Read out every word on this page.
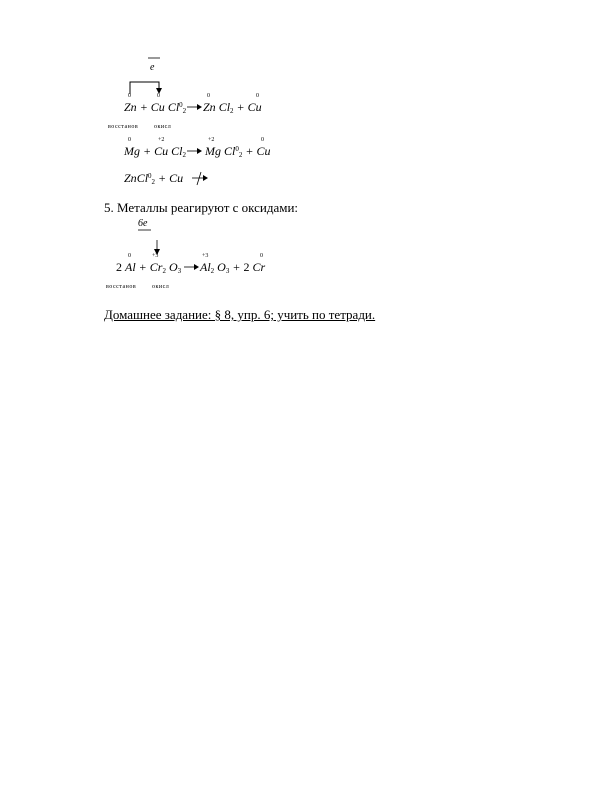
e
0
Zn +
0
Cu $Cl^0_2$
0
Zn $Cl_2$ +
0
Cu
восстанов	окисл
0
Mg +
+2
Cu $Cl_2$
+2
Mg $Cl^0_2$ +
0
Cu
ZnCl$^0_2$ + Cu
5. Металлы реагируют с оксидами:
6e
2
0
Al +
+3
$Cr_2$ $O_3$
+3
$Al_2$ $O_3 + 2$
0
Cr
восстанов	окисл
Домашнее задание: § 8, упр. 6; учить по тетради.
